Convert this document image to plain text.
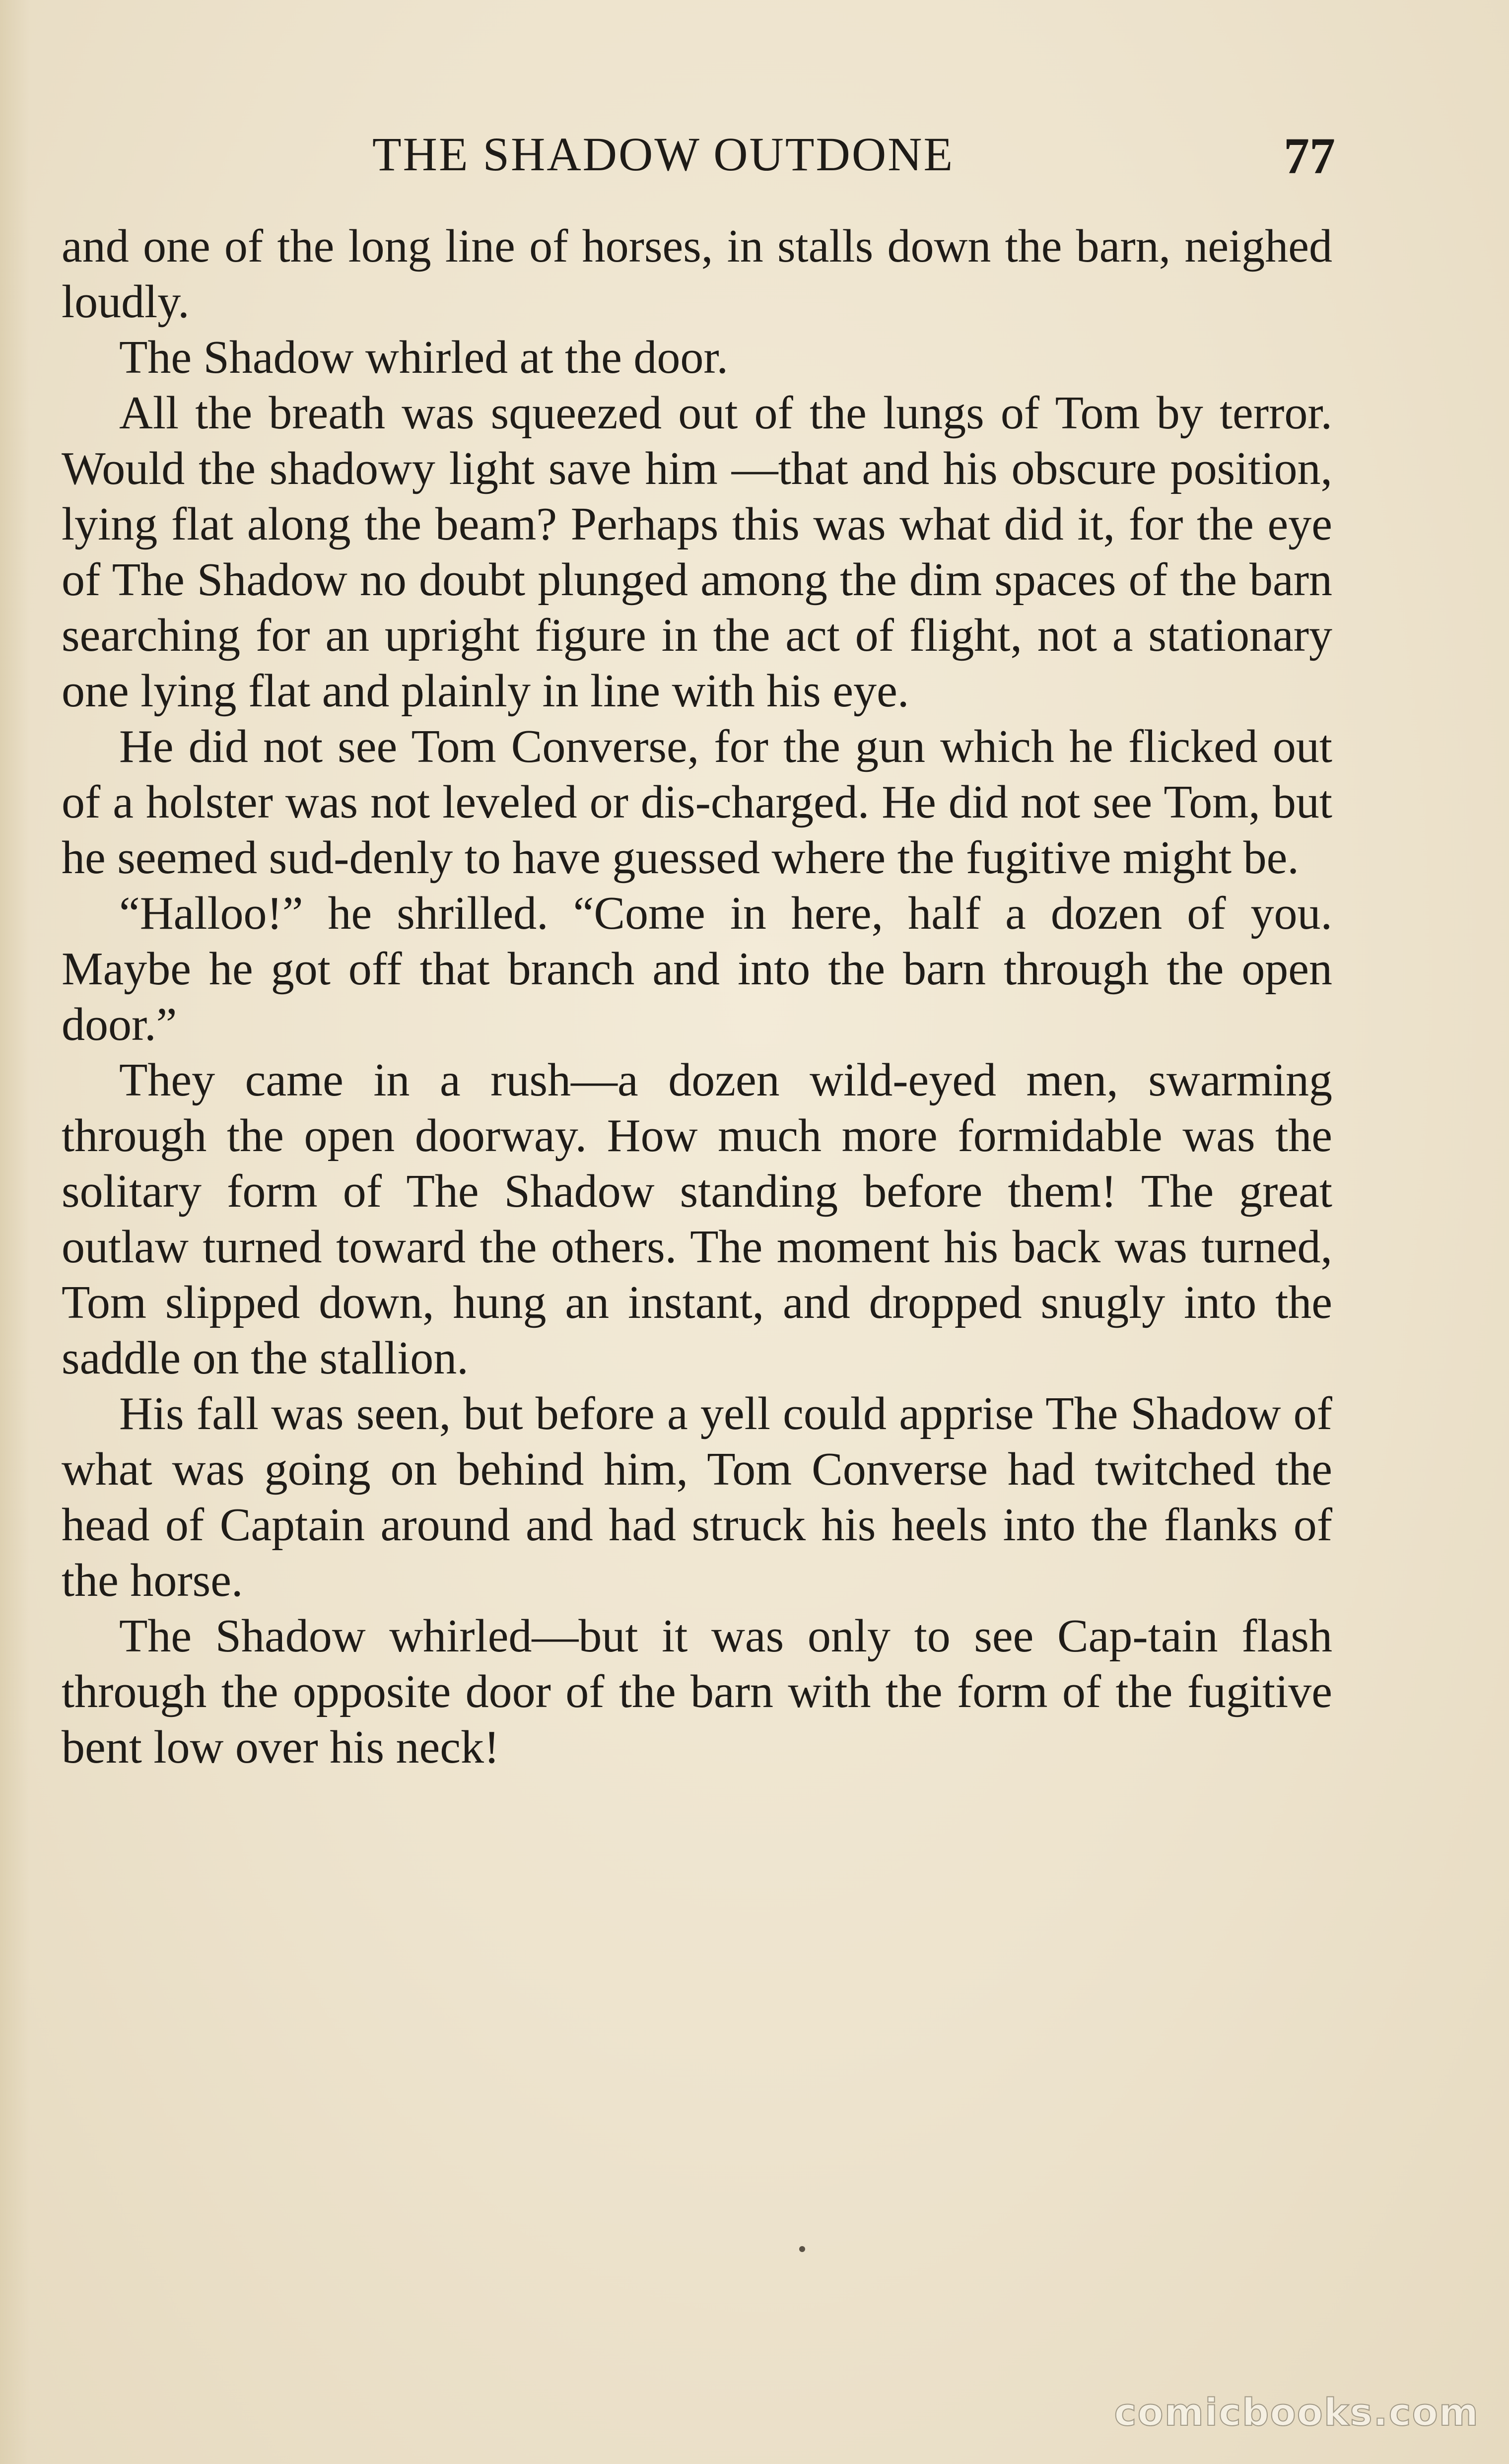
THE SHADOW OUTDONE	77

and one of the long line of horses, in stalls down the barn, neighed loudly.

The Shadow whirled at the door.

All the breath was squeezed out of the lungs of Tom by terror. Would the shadowy light save him —that and his obscure position, lying flat along the beam? Perhaps this was what did it, for the eye of The Shadow no doubt plunged among the dim spaces of the barn searching for an upright figure in the act of flight, not a stationary one lying flat and plainly in line with his eye.

He did not see Tom Converse, for the gun which he flicked out of a holster was not leveled or dis-charged. He did not see Tom, but he seemed sud-denly to have guessed where the fugitive might be.

“Halloo!” he shrilled. “Come in here, half a dozen of you. Maybe he got off that branch and into the barn through the open door.”

They came in a rush—a dozen wild-eyed men, swarming through the open doorway. How much more formidable was the solitary form of The Shadow standing before them! The great outlaw turned toward the others. The moment his back was turned, Tom slipped down, hung an instant, and dropped snugly into the saddle on the stallion.

His fall was seen, but before a yell could apprise The Shadow of what was going on behind him, Tom Converse had twitched the head of Captain around and had struck his heels into the flanks of the horse.

The Shadow whirled—but it was only to see Cap-tain flash through the opposite door of the barn with the form of the fugitive bent low over his neck!

comicbooks.com
